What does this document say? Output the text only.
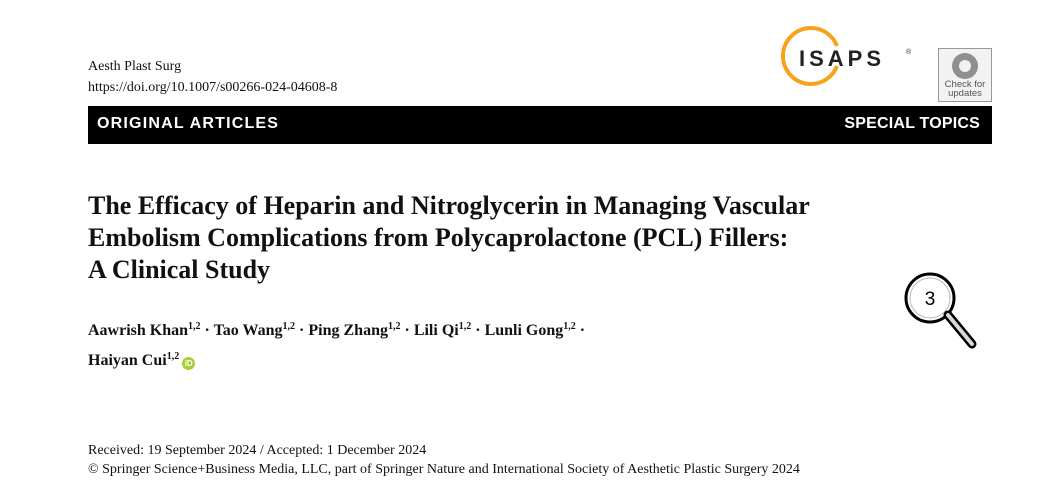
Aesth Plast Surg
https://doi.org/10.1007/s00266-024-04608-8
ISAPS	®
Check for
updates
ORIGINAL ARTICLES	SPECIAL TOPICS
The Efficacy of Heparin and Nitroglycerin in Managing Vascular
Embolism Complications from Polycaprolactone (PCL) Fillers:
A Clinical Study
3
Aawrish Khan$^{1,2}$ · Tao Wang$^{1,2}$ · Ping Zhang$^{1,2}$ · Lili Qi$^{1,2}$ · Lunli Gong$^{1,2}$ ·
Haiyan Cui$^{1,2}$iD
Received: 19 September 2024 / Accepted: 1 December 2024
© Springer Science+Business Media, LLC, part of Springer Nature and International Society of Aesthetic Plastic Surgery 2024
